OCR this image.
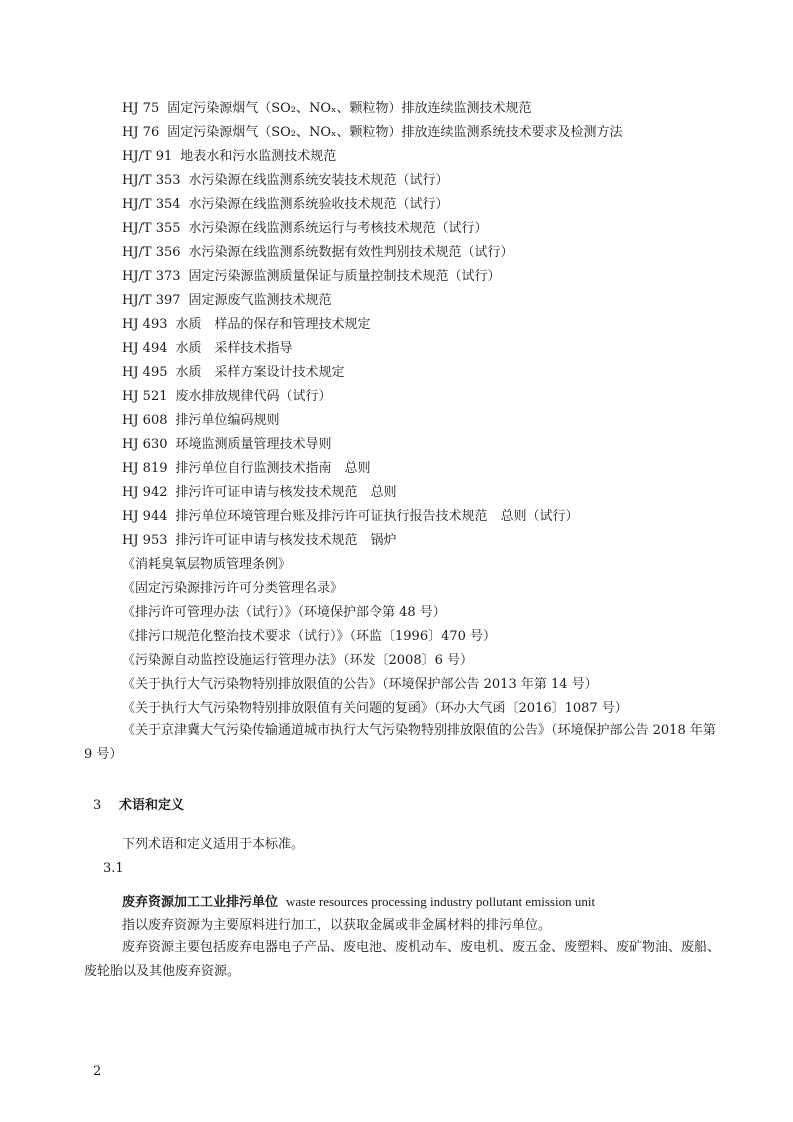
HJ 75 固定污染源烟气（SO₂、NOₓ、颗粒物）排放连续监测技术规范
HJ 76 固定污染源烟气（SO₂、NOₓ、颗粒物）排放连续监测系统技术要求及检测方法
HJ/T 91 地表水和污水监测技术规范
HJ/T 353 水污染源在线监测系统安装技术规范（试行）
HJ/T 354 水污染源在线监测系统验收技术规范（试行）
HJ/T 355 水污染源在线监测系统运行与考核技术规范（试行）
HJ/T 356 水污染源在线监测系统数据有效性判别技术规范（试行）
HJ/T 373 固定污染源监测质量保证与质量控制技术规范（试行）
HJ/T 397 固定源废气监测技术规范
HJ 493 水质　样品的保存和管理技术规定
HJ 494 水质　采样技术指导
HJ 495 水质　采样方案设计技术规定
HJ 521 废水排放规律代码（试行）
HJ 608 排污单位编码规则
HJ 630 环境监测质量管理技术导则
HJ 819 排污单位自行监测技术指南　总则
HJ 942 排污许可证申请与核发技术规范　总则
HJ 944 排污单位环境管理台账及排污许可证执行报告技术规范　总则（试行）
HJ 953 排污许可证申请与核发技术规范　锅炉
《消耗臭氧层物质管理条例》
《固定污染源排污许可分类管理名录》
《排污许可管理办法（试行）》（环境保护部令第 48 号）
《排污口规范化整治技术要求（试行）》（环监〔1996〕470 号）
《污染源自动监控设施运行管理办法》（环发〔2008〕6 号）
《关于执行大气污染物特别排放限值的公告》（环境保护部公告 2013 年第 14 号）
《关于执行大气污染物特别排放限值有关问题的复函》（环办大气函〔2016〕1087 号）
《关于京津冀大气污染传输通道城市执行大气污染物特别排放限值的公告》（环境保护部公告 2018 年第 9 号）
3 术语和定义
下列术语和定义适用于本标准。
3.1
废弃资源加工工业排污单位 waste resources processing industry pollutant emission unit
指以废弃资源为主要原料进行加工，以获取金属或非金属材料的排污单位。
废弃资源主要包括废弃电器电子产品、废电池、废机动车、废电机、废五金、废塑料、废矿物油、废船、废轮胎以及其他废弃资源。
2
